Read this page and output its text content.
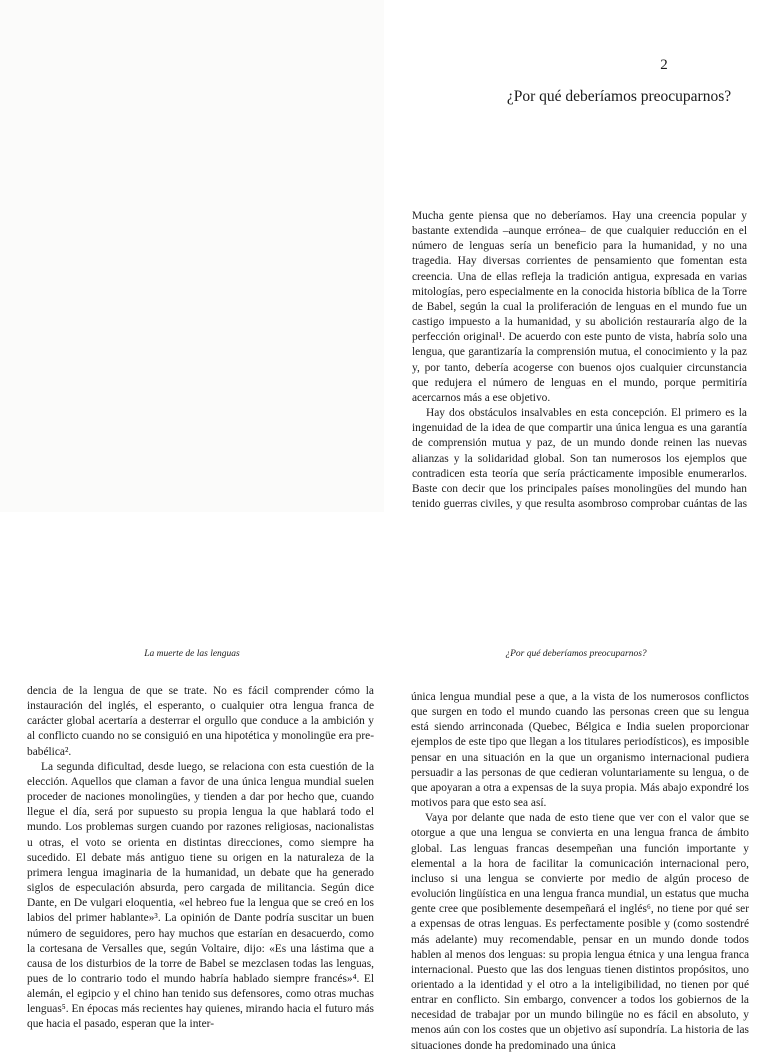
2
¿Por qué deberíamos preocuparnos?

Mucha gente piensa que no deberíamos. Hay una creencia popular y bastante extendida –aunque errónea– de que cualquier reducción en el número de lenguas sería un beneficio para la humanidad, y no una tragedia. Hay diversas corrientes de pensamiento que fomentan esta creencia. Una de ellas refleja la tradición antigua, expresada en varias mitologías, pero especialmente en la conocida historia bíblica de la Torre de Babel, según la cual la proliferación de lenguas en el mundo fue un castigo impuesto a la humanidad, y su abolición restauraría algo de la perfección original¹. De acuerdo con este punto de vista, habría solo una lengua, que garantizaría la comprensión mutua, el conocimiento y la paz y, por tanto, debería acogerse con buenos ojos cualquier circunstancia que redujera el número de lenguas en el mundo, porque permitiría acercarnos más a ese objetivo.

Hay dos obstáculos insalvables en esta concepción. El primero es la ingenuidad de la idea de que compartir una única lengua es una garantía de comprensión mutua y paz, de un mundo donde reinen las nuevas alianzas y la solidaridad global. Son tan numerosos los ejemplos que contradicen esta teoría que sería prácticamente imposible enumerarlos. Baste con decir que los principales países monolingües del mundo han tenido guerras civiles, y que resulta asombroso comprobar cuántas de las

La muerte de las lenguas

dencia de la lengua de que se trate. No es fácil comprender cómo la instauración del inglés, el esperanto, o cualquier otra lengua franca de carácter global acertaría a desterrar el orgullo que conduce a la ambición y al conflicto cuando no se consiguió en una hipotética y monolingüe era pre-babélica².

La segunda dificultad, desde luego, se relaciona con esta cuestión de la elección. Aquellos que claman a favor de una única lengua mundial suelen proceder de naciones monolingües, y tienden a dar por hecho que, cuando llegue el día, será por supuesto su propia lengua la que hablará todo el mundo. Los problemas surgen cuando por razones religiosas, nacionalistas u otras, el voto se orienta en distintas direcciones, como siempre ha sucedido. El debate más antiguo tiene su origen en la naturaleza de la primera lengua imaginaria de la humanidad, un debate que ha generado siglos de especulación absurda, pero cargada de militancia. Según dice Dante, en De vulgari eloquentia, «el hebreo fue la lengua que se creó en los labios del primer hablante»³. La opinión de Dante podría suscitar un buen número de seguidores, pero hay muchos que estarían en desacuerdo, como la cortesana de Versalles que, según Voltaire, dijo: «Es una lástima que a causa de los disturbios de la torre de Babel se mezclasen todas las lenguas, pues de lo contrario todo el mundo habría hablado siempre francés»⁴. El alemán, el egipcio y el chino han tenido sus defensores, como otras muchas lenguas⁵. En épocas más recientes hay quienes, mirando hacia el futuro más que hacia el pasado, esperan que la inter-

¿Por qué deberíamos preocuparnos?

única lengua mundial pese a que, a la vista de los numerosos conflictos que surgen en todo el mundo cuando las personas creen que su lengua está siendo arrinconada (Quebec, Bélgica e India suelen proporcionar ejemplos de este tipo que llegan a los titulares periodísticos), es imposible pensar en una situación en la que un organismo internacional pudiera persuadir a las personas de que cedieran voluntariamente su lengua, o de que apoyaran a otra a expensas de la suya propia. Más abajo expondré los motivos para que esto sea así.

Vaya por delante que nada de esto tiene que ver con el valor que se otorgue a que una lengua se convierta en una lengua franca de ámbito global. Las lenguas francas desempeñan una función importante y elemental a la hora de facilitar la comunicación internacional pero, incluso si una lengua se convierte por medio de algún proceso de evolución lingüística en una lengua franca mundial, un estatus que mucha gente cree que posiblemente desempeñará el inglés⁶, no tiene por qué ser a expensas de otras lenguas. Es perfectamente posible y (como sostendré más adelante) muy recomendable, pensar en un mundo donde todos hablen al menos dos lenguas: su propia lengua étnica y una lengua franca internacional. Puesto que las dos lenguas tienen distintos propósitos, uno orientado a la identidad y el otro a la inteligibilidad, no tienen por qué entrar en conflicto. Sin embargo, convencer a todos los gobiernos de la necesidad de trabajar por un mundo bilingüe no es fácil en absoluto, y menos aún con los costes que un objetivo así supondría. La historia de las situaciones donde ha predominado una única
